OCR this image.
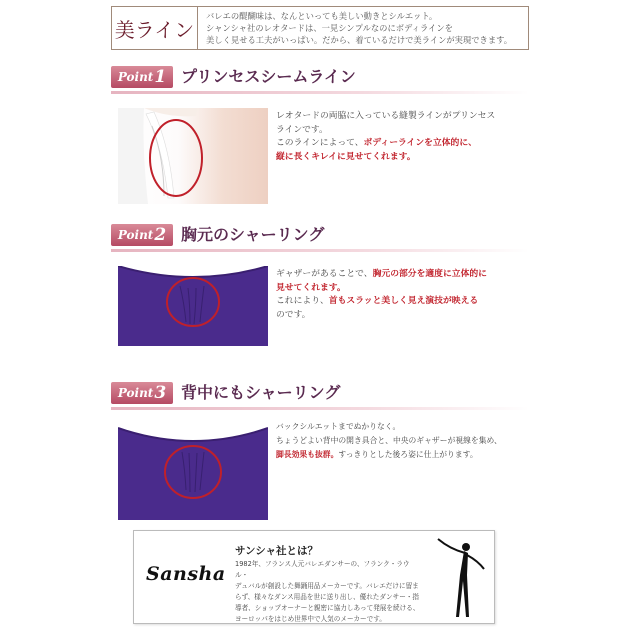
美ライン
バレエの醍醐味は、なんといっても美しい動きとシルエット。
シャンシャ社のレオタードは、一見シンプルなのにボディラインを
美しく見せる工夫がいっぱい。だから、着ているだけで美ラインが実現できます。
Point 1 プリンセスシームライン
レオタードの両脇に入っている縫製ラインがプリンセス
ラインです。
このラインによって、ボディーラインを立体的に、
縦に長くキレイに見せてくれます。
Point 2 胸元のシャーリング
ギャザーがあることで、胸元の部分を適度に立体的に
見せてくれます。
これにより、首もスラッと美しく見え演技が映える
のです。
Point 3 背中にもシャーリング
バックシルエットまでぬかりなく。
ちょうどよい背中の開き具合と、中央のギャザーが視線を集め、
脚長効果も抜群。すっきりとした後ろ姿に仕上がります。
Sansha
サンシャ社とは？
1982年、フランス人元バレエダンサーの、フランク・ラウル・
デュバルが創設した舞踊用品メーカーです。バレエだけに留ま
らず、様々なダンス用品を世に送り出し、優れたダンサー・指
導者、ショップオーナーと親密に協力しあって発展を続ける、
ヨーロッパをはじめ世界中で人気のメーカーです。
